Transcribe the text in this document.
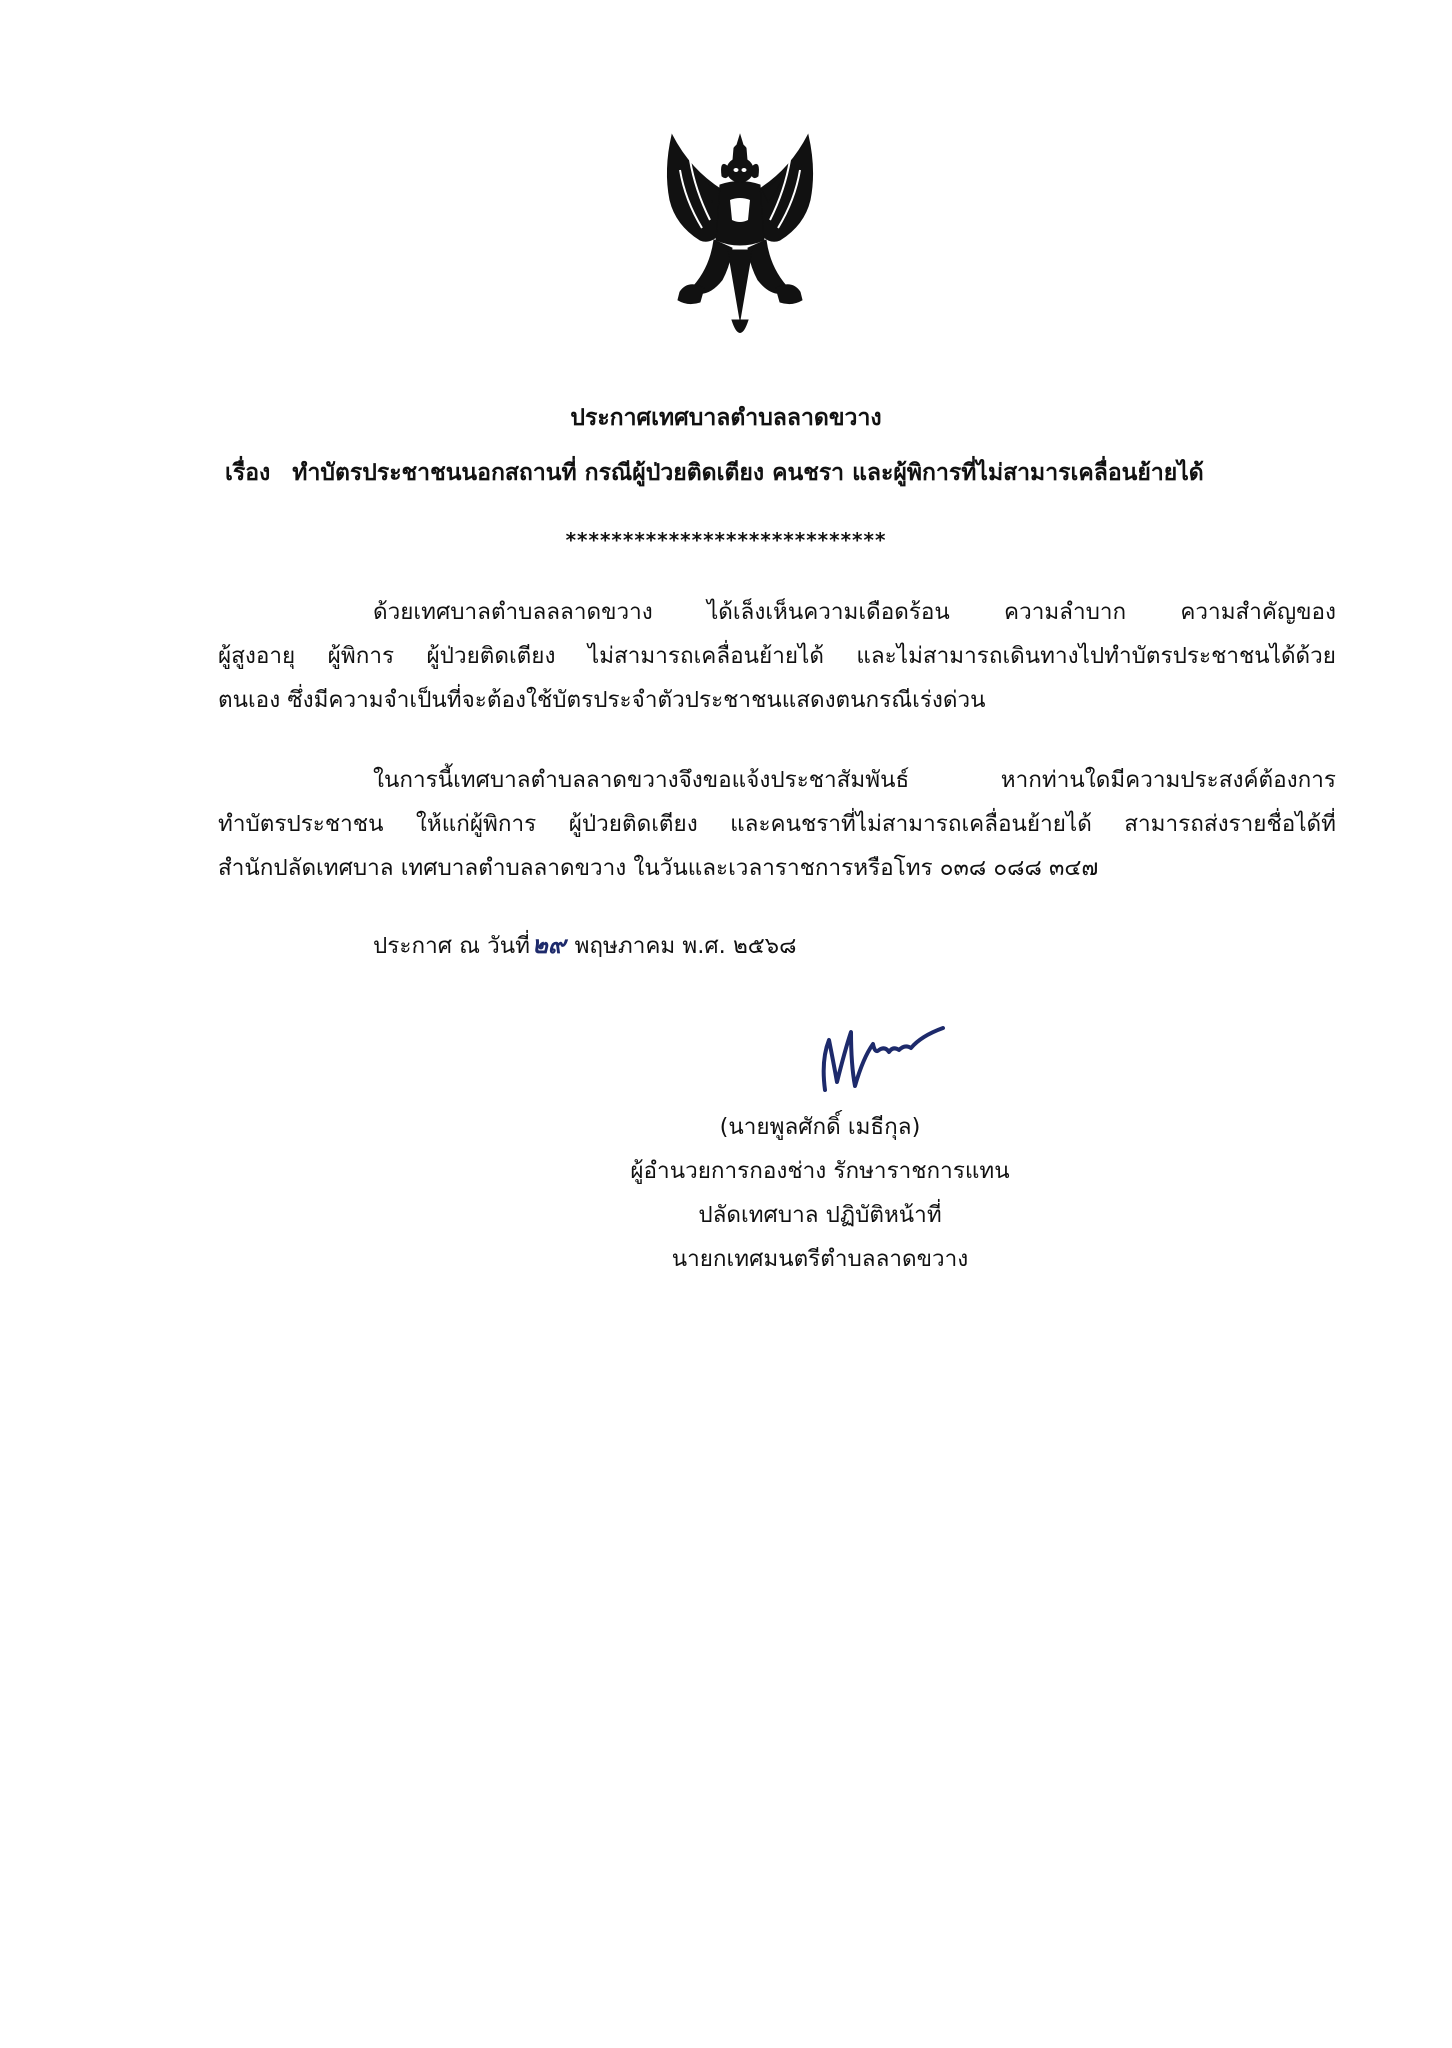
ประกาศเทศบาลตำบลลาดขวาง
เรื่อง ทำบัตรประชาชนนอกสถานที่ กรณีผู้ป่วยติดเตียง คนชรา และผู้พิการที่ไม่สามารเคลื่อนย้ายได้
****************************
ด้วยเทศบาลตำบลลลาดขวาง ได้เล็งเห็นความเดือดร้อน ความลำบาก ความสำคัญของ
ผู้สูงอายุ ผู้พิการ ผู้ป่วยติดเตียง ไม่สามารถเคลื่อนย้ายได้ และไม่สามารถเดินทางไปทำบัตรประชาชนได้ด้วย
ตนเอง ซึ่งมีความจำเป็นที่จะต้องใช้บัตรประจำตัวประชาชนแสดงตนกรณีเร่งด่วน
ในการนี้เทศบาลตำบลลาดขวางจึงขอแจ้งประชาสัมพันธ์ หากท่านใดมีความประสงค์ต้องการ
ทำบัตรประชาชน ให้แก่ผู้พิการ ผู้ป่วยติดเตียง และคนชราที่ไม่สามารถเคลื่อนย้ายได้ สามารถส่งรายชื่อได้ที่
สำนักปลัดเทศบาล เทศบาลตำบลลาดขวาง ในวันและเวลาราชการหรือโทร ๐๓๘ ๐๘๘ ๓๔๗
ประกาศ ณ วันที่๒๙ พฤษภาคม พ.ศ. ๒๕๖๘
(นายพูลศักดิ์ เมธีกุล)
ผู้อำนวยการกองช่าง รักษาราชการแทน
ปลัดเทศบาล ปฏิบัติหน้าที่
นายกเทศมนตรีตำบลลาดขวาง
